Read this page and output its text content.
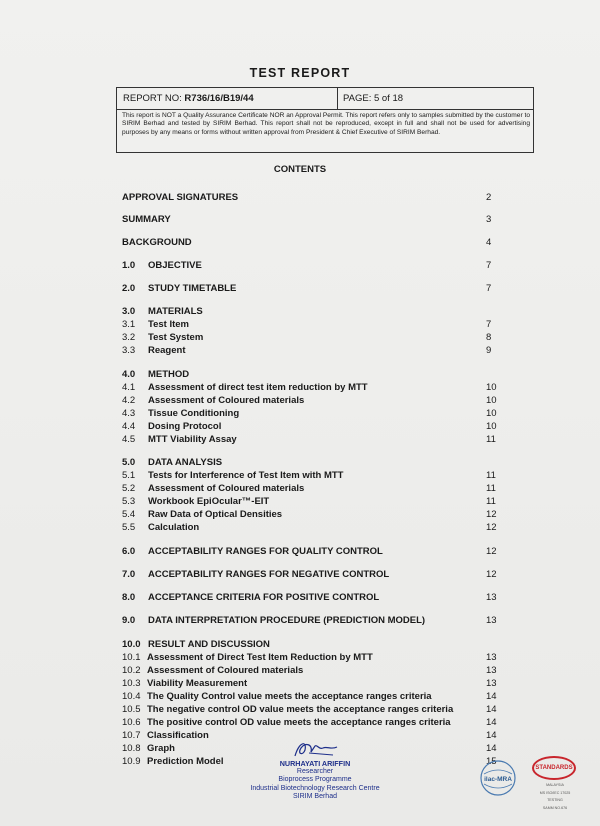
TEST REPORT
REPORT NO: R736/16/B19/44	PAGE: 5 of 18
This report is NOT a Quality Assurance Certificate NOR an Approval Permit. This report refers only to samples submitted by the customer to SIRIM Berhad and tested by SIRIM Berhad. This report shall not be reproduced, except in full and shall not be used for advertising purposes by any means or forms without written approval from President & Chief Executive of SIRIM Berhad.
CONTENTS
APPROVAL SIGNATURES	2
SUMMARY	3
BACKGROUND	4
1.0 OBJECTIVE	7
2.0 STUDY TIMETABLE	7
3.0 MATERIALS
3.1 Test Item	7
3.2 Test System	8
3.3 Reagent	9
4.0 METHOD
4.1 Assessment of direct test item reduction by MTT	10
4.2 Assessment of Coloured materials	10
4.3 Tissue Conditioning	10
4.4 Dosing Protocol	10
4.5 MTT Viability Assay	11
5.0 DATA ANALYSIS
5.1 Tests for Interference of Test Item with MTT	11
5.2 Assessment of Coloured materials	11
5.3 Workbook EpiOcular™-EIT	11
5.4 Raw Data of Optical Densities	12
5.5 Calculation	12
6.0 ACCEPTABILITY RANGES FOR QUALITY CONTROL	12
7.0 ACCEPTABILITY RANGES FOR NEGATIVE CONTROL	12
8.0 ACCEPTANCE CRITERIA FOR POSITIVE CONTROL	13
9.0 DATA INTERPRETATION PROCEDURE (PREDICTION MODEL)	13
10.0 RESULT AND DISCUSSION
10.1 Assessment of Direct Test Item Reduction by MTT	13
10.2 Assessment of Coloured materials	13
10.3 Viability Measurement	13
10.4 The Quality Control value meets the acceptance ranges criteria	14
10.5 The negative control OD value meets the acceptance ranges criteria	14
10.6 The positive control OD value meets the acceptance ranges criteria	14
10.7 Classification	14
10.8 Graph	14
10.9 Prediction Model	15
NURHAYATI ARIFFIN
Researcher
Bioprocess Programme
Industrial Biotechnology Research Centre
SIRIM Berhad
ilac-MRA
STANDARDS
MALAYSIA
MS ISO/IEC 17025
TESTING
SAMM NO.676
